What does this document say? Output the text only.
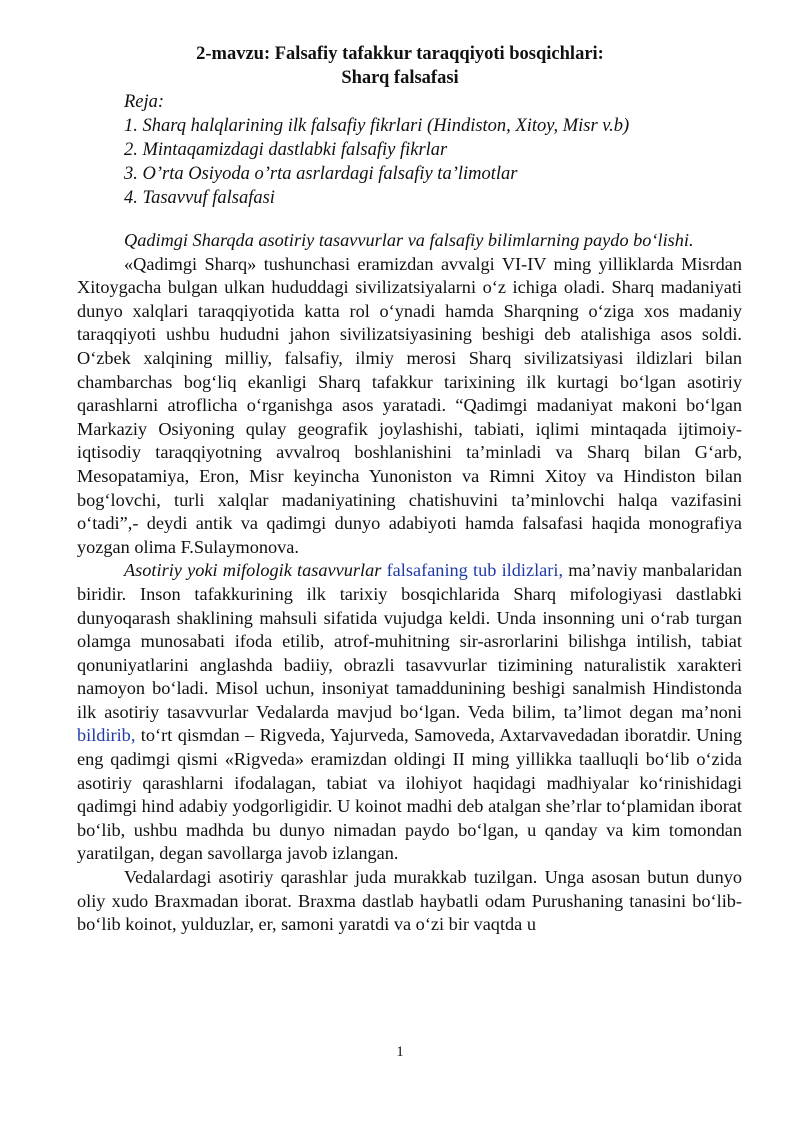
2-mavzu: Falsafiy tafakkur taraqqiyoti bosqichlari:
Sharq falsafasi
Reja:
1. Sharq halqlarining ilk falsafiy fikrlari (Hindiston, Xitoy, Misr v.b)
2. Mintaqamizdagi dastlabki falsafiy fikrlar
3. O’rta Osiyoda o’rta asrlardagi falsafiy ta’limotlar
4. Tasavvuf falsafasi

Qadimgi Sharqda asotiriy tasavvurlar va falsafiy bilimlarning paydo boʻlishi.

«Qadimgi Sharq» tushunchasi eramizdan avvalgi VI-IV ming yilliklarda Misrdan Xitoygacha bulgan ulkan hududdagi sivilizatsiyalarni oʻz ichiga oladi. Sharq madaniyati dunyo xalqlari taraqqiyotida katta rol oʻynadi hamda Sharqning oʻziga xos madaniy taraqqiyoti ushbu hududni jahon sivilizatsiyasining beshigi deb atalishiga asos soldi. Oʻzbek xalqining milliy, falsafiy, ilmiy merosi Sharq sivilizatsiyasi ildizlari bilan chambarchas bogʻliq ekanligi Sharq tafakkur tarixining ilk kurtagi boʻlgan asotiriy qarashlarni atroflicha oʻrganishga asos yaratadi. “Qadimgi madaniyat makoni boʻlgan Markaziy Osiyoning qulay geografik joylashishi, tabiati, iqlimi mintaqada ijtimoiy-iqtisodiy taraqqiyotning avvalroq boshlanishini ta’minladi va Sharq bilan Gʻarb, Mesopatamiya, Eron, Misr keyincha Yunoniston va Rimni Xitoy va Hindiston bilan bogʻlovchi, turli xalqlar madaniyatining chatishuvini ta’minlovchi halqa vazifasini oʻtadi”,- deydi antik va qadimgi dunyo adabiyoti hamda falsafasi haqida monografiya yozgan olima F.Sulaymonova.

Asotiriy yoki mifologik tasavvurlar falsafaning tub ildizlari, ma’naviy manbalaridan biridir. Inson tafakkurining ilk tarixiy bosqichlarida Sharq mifologiyasi dastlabki dunyoqarash shaklining mahsuli sifatida vujudga keldi. Unda insonning uni oʻrab turgan olamga munosabati ifoda etilib, atrof-muhitning sir-asrorlarini bilishga intilish, tabiat qonuniyatlarini anglashda badiiy, obrazli tasavvurlar tizimining naturalistik xarakteri namoyon boʻladi. Misol uchun, insoniyat tamaddunining beshigi sanalmish Hindistonda ilk asotiriy tasavvurlar Vedalarda mavjud boʻlgan. Veda bilim, ta’limot degan ma’noni bildirib, toʻrt qismdan – Rigveda, Yajurveda, Samoveda, Axtarvavedadan iboratdir. Uning eng qadimgi qismi «Rigveda» eramizdan oldingi II ming yillikka taalluqli boʻlib oʻzida asotiriy qarashlarni ifodalagan, tabiat va ilohiyot haqidagi madhiyalar koʻrinishidagi qadimgi hind adabiy yodgorligidir. U koinot madhi deb atalgan she’rlar toʻplamidan iborat boʻlib, ushbu madhda bu dunyo nimadan paydo boʻlgan, u qanday va kim tomondan yaratilgan, degan savollarga javob izlangan.

Vedalardagi asotiriy qarashlar juda murakkab tuzilgan. Unga asosan butun dunyo oliy xudo Braxmadan iborat. Braxma dastlab haybatli odam Purushaning tanasini boʻlib-boʻlib koinot, yulduzlar, er, samoni yaratdi va oʻzi bir vaqtda u

1
